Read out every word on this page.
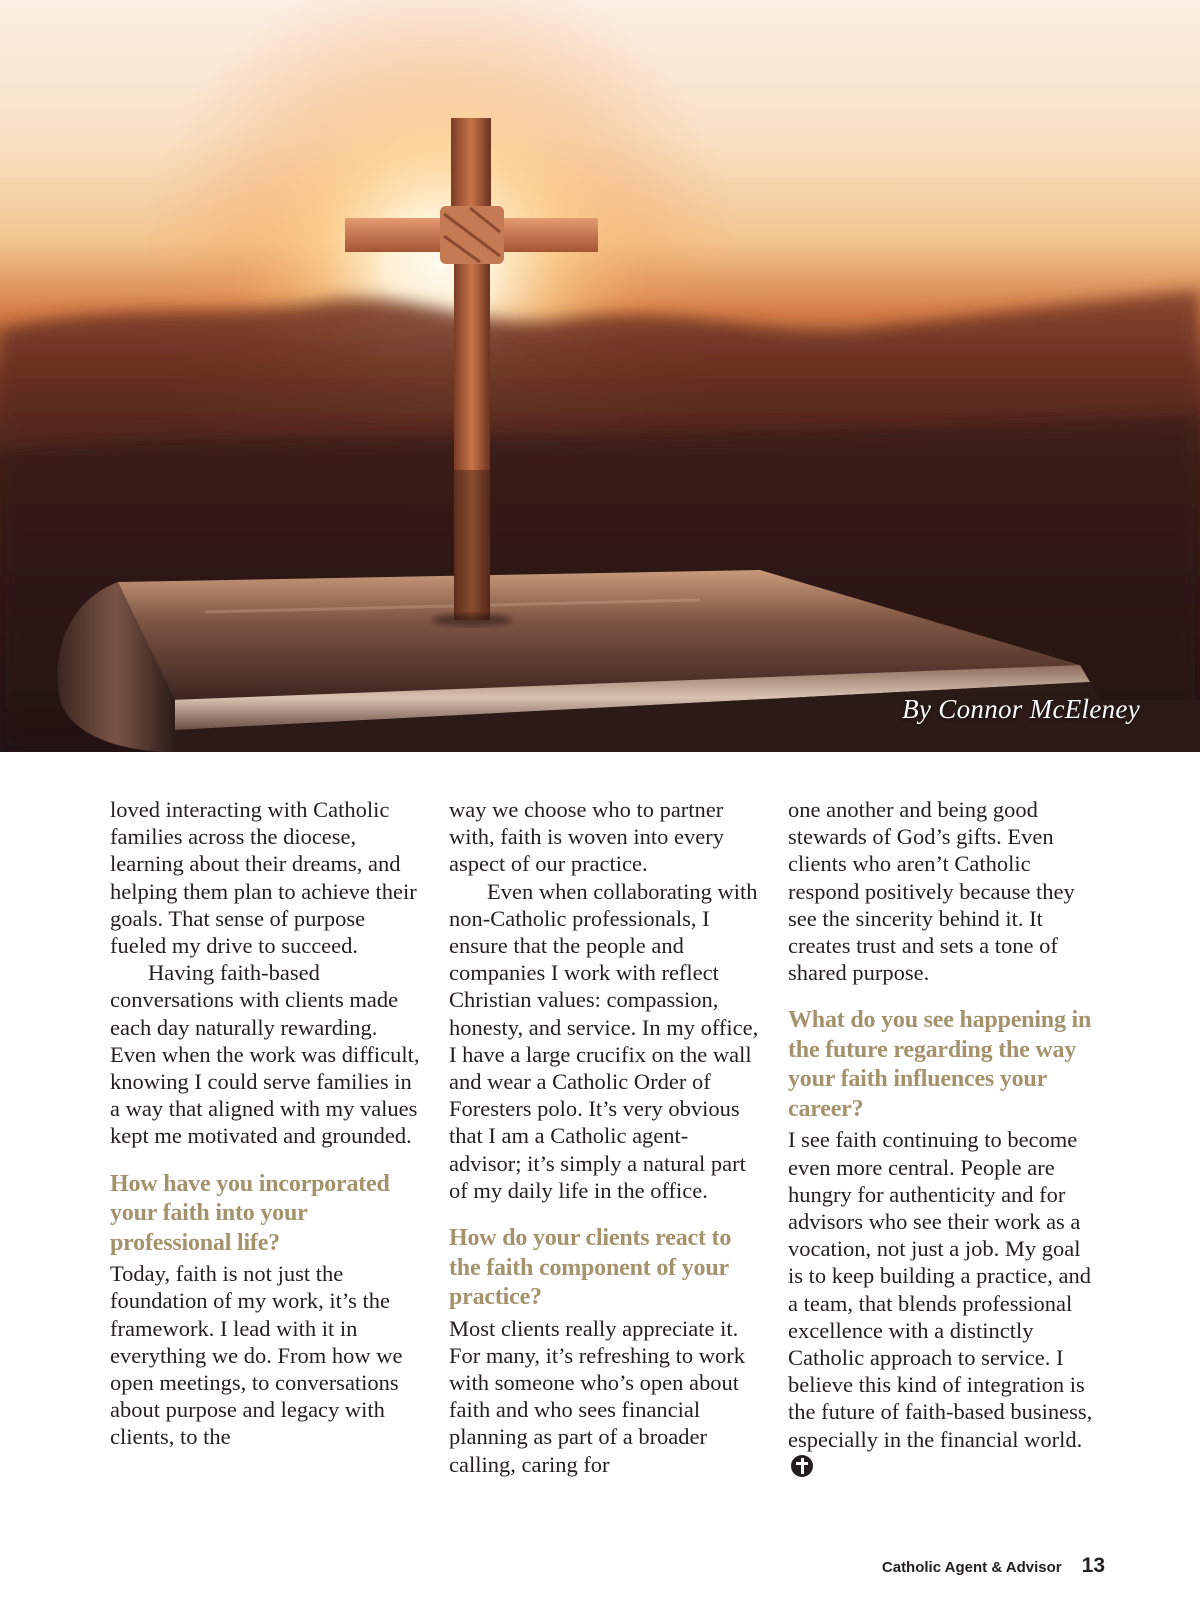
By Connor McEleney

loved interacting with Catholic families across the diocese, learning about their dreams, and helping them plan to achieve their goals. That sense of purpose fueled my drive to succeed.

Having faith-based conversations with clients made each day naturally rewarding. Even when the work was difficult, knowing I could serve families in a way that aligned with my values kept me motivated and grounded.

How have you incorporated your faith into your professional life?

Today, faith is not just the foundation of my work, it’s the framework. I lead with it in everything we do. From how we open meetings, to conversations about purpose and legacy with clients, to the

way we choose who to partner with, faith is woven into every aspect of our practice.

Even when collaborating with non-Catholic professionals, I ensure that the people and companies I work with reflect Christian values: compassion, honesty, and service. In my office, I have a large crucifix on the wall and wear a Catholic Order of Foresters polo. It’s very obvious that I am a Catholic agent-advisor; it’s simply a natural part of my daily life in the office.

How do your clients react to the faith component of your practice?

Most clients really appreciate it. For many, it’s refreshing to work with someone who’s open about faith and who sees financial planning as part of a broader calling, caring for

one another and being good stewards of God’s gifts. Even clients who aren’t Catholic respond positively because they see the sincerity behind it. It creates trust and sets a tone of shared purpose.

What do you see happening in the future regarding the way your faith influences your career?

I see faith continuing to become even more central. People are hungry for authenticity and for advisors who see their work as a vocation, not just a job. My goal is to keep building a practice, and a team, that blends professional excellence with a distinctly Catholic approach to service. I believe this kind of integration is the future of faith-based business, especially in the financial world.

Catholic Agent & Advisor 13
